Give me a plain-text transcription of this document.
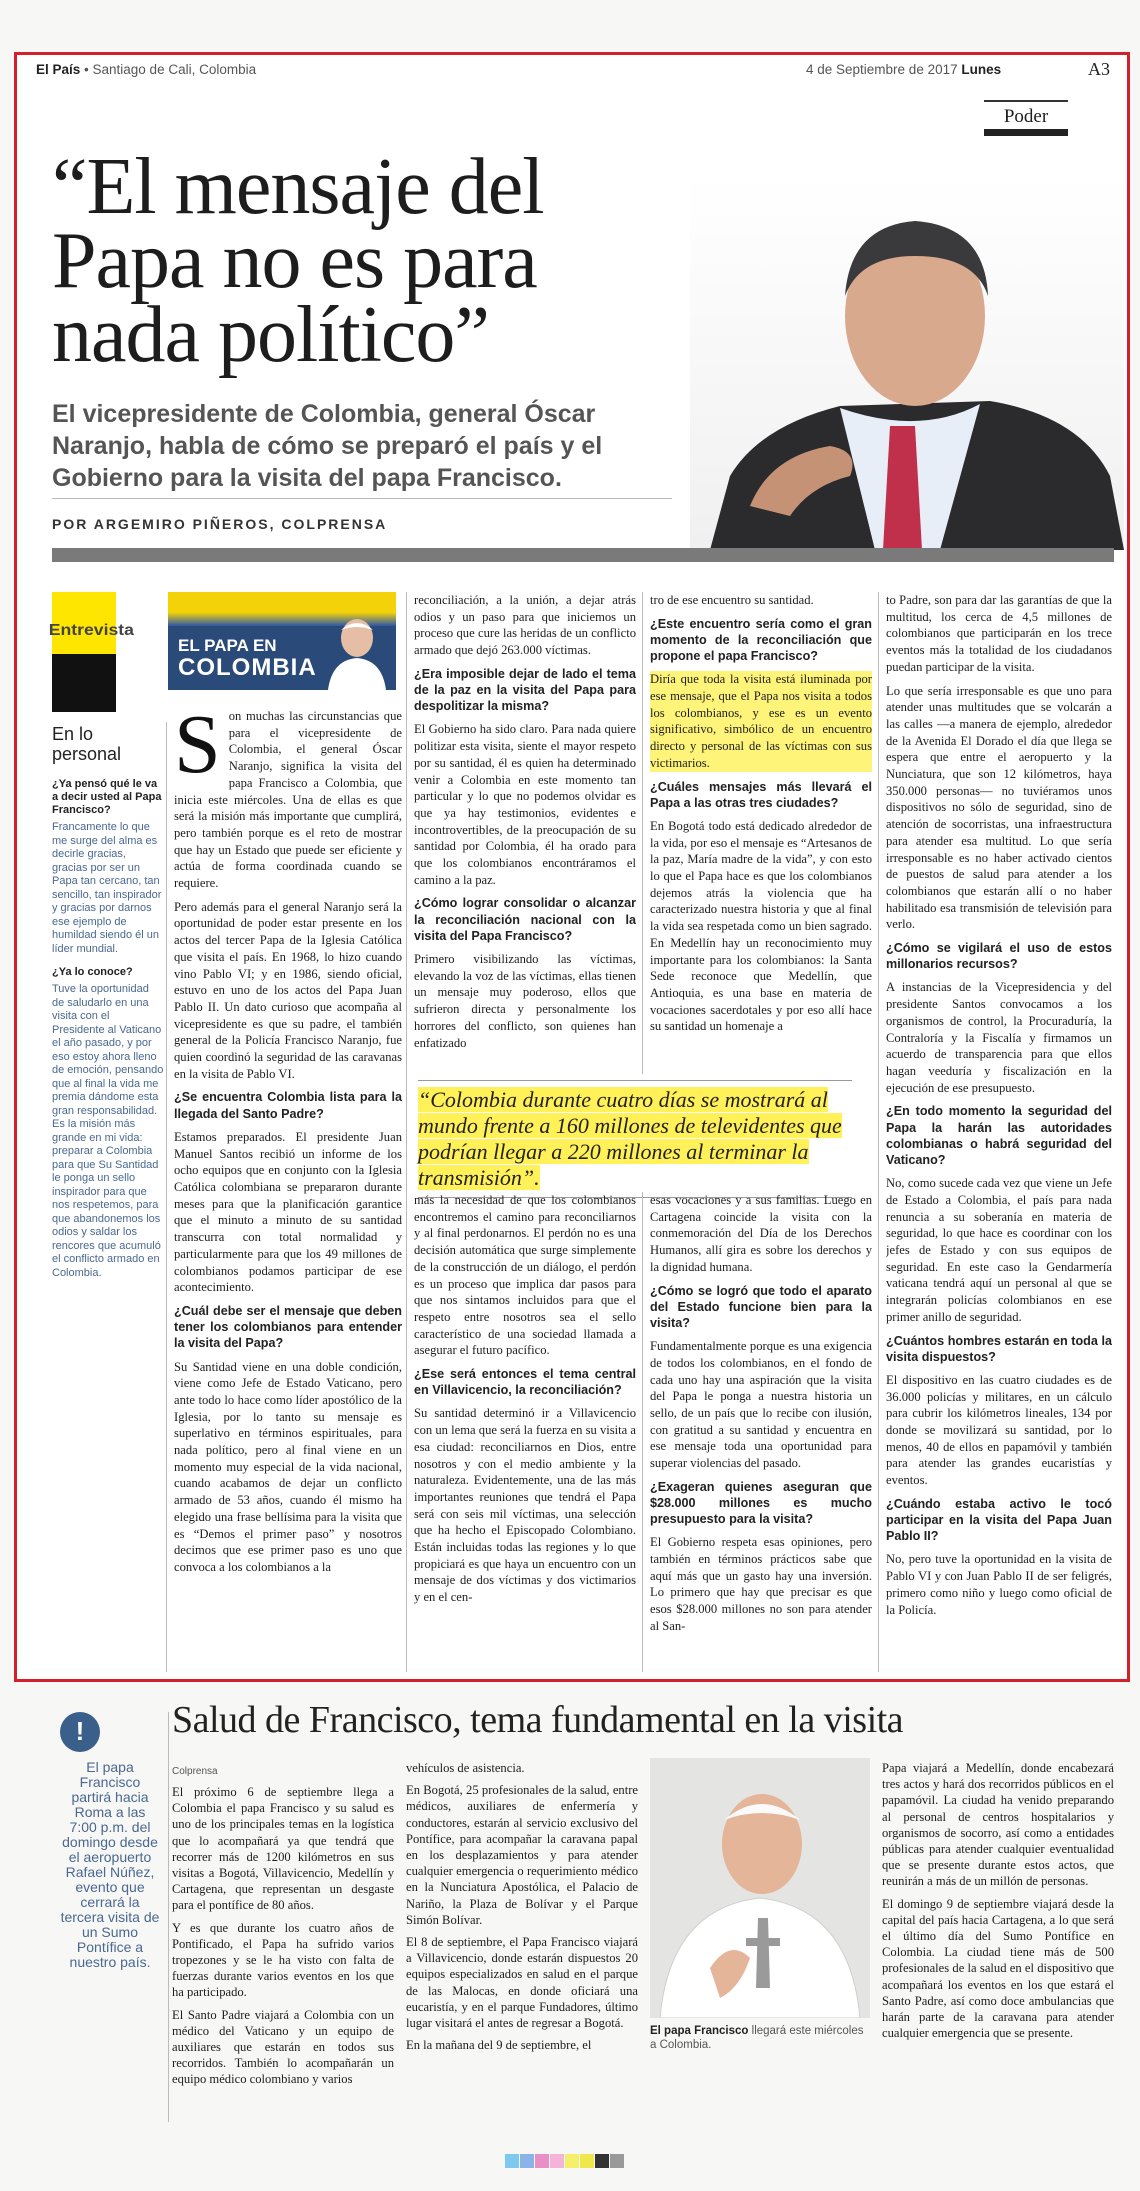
El País • Santiago de Cali, Colombia	4 de Septiembre de 2017 Lunes	A3
Poder
“El mensaje del Papa no es para nada político”
El vicepresidente de Colombia, general Óscar Naranjo, habla de cómo se preparó el país y el Gobierno para la visita del papa Francisco.
POR ARGEMIRO PIÑEROS, COLPRENSA
Entrevista
EL PAPA EN
COLOMBIA
En lo personal
¿Ya pensó qué le va a decir usted al Papa Francisco?
Francamente lo que me surge del alma es decirle gracias, gracias por ser un Papa tan cercano, tan sencillo, tan inspirador y gracias por darnos ese ejemplo de humildad siendo él un líder mundial.
¿Ya lo conoce?
Tuve la oportunidad de saludarlo en una visita con el Presidente al Vaticano el año pasado, y por eso estoy ahora lleno de emoción, pensando que al final la vida me premia dándome esta gran responsabilidad. Es la misión más grande en mi vida: preparar a Colombia para que Su Santidad le ponga un sello inspirador para que nos respetemos, para que abandonemos los odios y saldar los rencores que acumuló el conflicto armado en Colombia.

Son muchas las circunstancias que para el vicepresidente de Colombia, el general Óscar Naranjo, significa la visita del papa Francisco a Colombia, que inicia este miércoles. Una de ellas es que será la misión más importante que cumplirá, pero también porque es el reto de mostrar que hay un Estado que puede ser eficiente y actúa de forma coordinada cuando se requiere.

Pero además para el general Naranjo será la oportunidad de poder estar presente en los actos del tercer Papa de la Iglesia Católica que visita el país. En 1968, lo hizo cuando vino Pablo VI; y en 1986, siendo oficial, estuvo en uno de los actos del Papa Juan Pablo II. Un dato curioso que acompaña al vicepresidente es que su padre, el también general de la Policía Francisco Naranjo, fue quien coordinó la seguridad de las caravanas en la visita de Pablo VI.

¿Se encuentra Colombia lista para la llegada del Santo Padre?

Estamos preparados. El presidente Juan Manuel Santos recibió un informe de los ocho equipos que en conjunto con la Iglesia Católica colombiana se prepararon durante meses para que la planificación garantice que el minuto a minuto de su santidad transcurra con total normalidad y particularmente para que los 49 millones de colombianos podamos participar de ese acontecimiento.

¿Cuál debe ser el mensaje que deben tener los colombianos para entender la visita del Papa?

Su Santidad viene en una doble condición, viene como Jefe de Estado Vaticano, pero ante todo lo hace como líder apostólico de la Iglesia, por lo tanto su mensaje es superlativo en términos espirituales, para nada político, pero al final viene en un momento muy especial de la vida nacional, cuando acabamos de dejar un conflicto armado de 53 años, cuando él mismo ha elegido una frase bellísima para la visita que es “Demos el primer paso” y nosotros decimos que ese primer paso es uno que convoca a los colombianos a la

reconciliación, a la unión, a dejar atrás odios y un paso para que iniciemos un proceso que cure las heridas de un conflicto armado que dejó 263.000 víctimas.

¿Era imposible dejar de lado el tema de la paz en la visita del Papa para despolitizar la misma?

El Gobierno ha sido claro. Para nada quiere politizar esta visita, siente el mayor respeto por su santidad, él es quien ha determinado venir a Colombia en este momento tan particular y lo que no podemos olvidar es que ya hay testimonios, evidentes e incontrovertibles, de la preocupación de su santidad por Colombia, él ha orado para que los colombianos encontráramos el camino a la paz.

¿Cómo lograr consolidar o alcanzar la reconciliación nacional con la visita del Papa Francisco?

Primero visibilizando las víctimas, elevando la voz de las víctimas, ellas tienen un mensaje muy poderoso, ellos que sufrieron directa y personalmente los horrores del conflicto, son quienes han enfatizado

tro de ese encuentro su santidad.

¿Este encuentro sería como el gran momento de la reconciliación que propone el papa Francisco?

Diría que toda la visita está iluminada por ese mensaje, que el Papa nos visita a todos los colombianos, y ese es un evento significativo, simbólico de un encuentro directo y personal de las víctimas con sus victimarios.

¿Cuáles mensajes más llevará el Papa a las otras tres ciudades?

En Bogotá todo está dedicado alrededor de la vida, por eso el mensaje es “Artesanos de la paz, María madre de la vida”, y con esto lo que el Papa hace es que los colombianos dejemos atrás la violencia que ha caracterizado nuestra historia y que al final la vida sea respetada como un bien sagrado. En Medellín hay un reconocimiento muy importante para los colombianos: la Santa Sede reconoce que Medellín, que Antioquia, es una base en materia de vocaciones sacerdotales y por eso allí hace su santidad un homenaje a

“Colombia durante cuatro días se mostrará al mundo frente a 160 millones de televidentes que podrían llegar a 220 millones al terminar la transmisión”.

más la necesidad de que los colombianos encontremos el camino para reconciliarnos y al final perdonarnos. El perdón no es una decisión automática que surge simplemente de la construcción de un diálogo, el perdón es un proceso que implica dar pasos para que nos sintamos incluidos para que el respeto entre nosotros sea el sello característico de una sociedad llamada a asegurar el futuro pacífico.

¿Ese será entonces el tema central en Villavicencio, la reconciliación?

Su santidad determinó ir a Villavicencio con un lema que será la fuerza en su visita a esa ciudad: reconciliarnos en Dios, entre nosotros y con el medio ambiente y la naturaleza. Evidentemente, una de las más importantes reuniones que tendrá el Papa será con seis mil víctimas, una selección que ha hecho el Episcopado Colombiano. Están incluidas todas las regiones y lo que propiciará es que haya un encuentro con un mensaje de dos víctimas y dos victimarios y en el cen-

esas vocaciones y a sus familias. Luego en Cartagena coincide la visita con la conmemoración del Día de los Derechos Humanos, allí gira es sobre los derechos y la dignidad humana.

¿Cómo se logró que todo el aparato del Estado funcione bien para la visita?

Fundamentalmente porque es una exigencia de todos los colombianos, en el fondo de cada uno hay una aspiración que la visita del Papa le ponga a nuestra historia un sello, de un país que lo recibe con ilusión, con gratitud a su santidad y encuentra en ese mensaje toda una oportunidad para superar violencias del pasado.

¿Exageran quienes aseguran que $28.000 millones es mucho presupuesto para la visita?

El Gobierno respeta esas opiniones, pero también en términos prácticos sabe que aquí más que un gasto hay una inversión. Lo primero que hay que precisar es que esos $28.000 millones no son para atender al San-

to Padre, son para dar las garantías de que la multitud, los cerca de 4,5 millones de colombianos que participarán en los trece eventos más la totalidad de los ciudadanos puedan participar de la visita.

Lo que sería irresponsable es que uno para atender unas multitudes que se volcarán a las calles —a manera de ejemplo, alrededor de la Avenida El Dorado el día que llega se espera que entre el aeropuerto y la Nunciatura, que son 12 kilómetros, haya 350.000 personas— no tuviéramos unos dispositivos no sólo de seguridad, sino de atención de socorristas, una infraestructura para atender esa multitud. Lo que sería irresponsable es no haber activado cientos de puestos de salud para atender a los colombianos que estarán allí o no haber habilitado esa transmisión de televisión para verlo.

¿Cómo se vigilará el uso de estos millonarios recursos?

A instancias de la Vicepresidencia y del presidente Santos convocamos a los organismos de control, la Procuraduría, la Contraloría y la Fiscalía y firmamos un acuerdo de transparencia para que ellos hagan veeduría y fiscalización en la ejecución de ese presupuesto.

¿En todo momento la seguridad del Papa la harán las autoridades colombianas o habrá seguridad del Vaticano?

No, como sucede cada vez que viene un Jefe de Estado a Colombia, el país para nada renuncia a su soberanía en materia de seguridad, lo que hace es coordinar con los jefes de Estado y con sus equipos de seguridad. En este caso la Gendarmería vaticana tendrá aquí un personal al que se integrarán policías colombianos en ese primer anillo de seguridad.

¿Cuántos hombres estarán en toda la visita dispuestos?

El dispositivo en las cuatro ciudades es de 36.000 policías y militares, en un cálculo para cubrir los kilómetros lineales, 134 por donde se movilizará su santidad, por lo menos, 40 de ellos en papamóvil y también para atender las grandes eucaristías y eventos.

¿Cuándo estaba activo le tocó participar en la visita del Papa Juan Pablo II?

No, pero tuve la oportunidad en la visita de Pablo VI y con Juan Pablo II de ser feligrés, primero como niño y luego como oficial de la Policía.

!
El papa Francisco partirá hacia Roma a las 7:00 p.m. del domingo desde el aeropuerto Rafael Núñez, evento que cerrará la tercera visita de un Sumo Pontífice a nuestro país.
Salud de Francisco, tema fundamental en la visita
Colprensa

El próximo 6 de septiembre llega a Colombia el papa Francisco y su salud es uno de los principales temas en la logística que lo acompañará ya que tendrá que recorrer más de 1200 kilómetros en sus visitas a Bogotá, Villavicencio, Medellín y Cartagena, que representan un desgaste para el pontífice de 80 años.

Y es que durante los cuatro años de Pontificado, el Papa ha sufrido varios tropezones y se le ha visto con falta de fuerzas durante varios eventos en los que ha participado.

El Santo Padre viajará a Colombia con un médico del Vaticano y un equipo de auxiliares que estarán en todos sus recorridos. También lo acompañarán un equipo médico colombiano y varios

vehículos de asistencia.

En Bogotá, 25 profesionales de la salud, entre médicos, auxiliares de enfermería y conductores, estarán al servicio exclusivo del Pontífice, para acompañar la caravana papal en los desplazamientos y para atender cualquier emergencia o requerimiento médico en la Nunciatura Apostólica, el Palacio de Nariño, la Plaza de Bolívar y el Parque Simón Bolívar.

El 8 de septiembre, el Papa Francisco viajará a Villavicencio, donde estarán dispuestos 20 equipos especializados en salud en el parque de las Malocas, en donde oficiará una eucaristía, y en el parque Fundadores, último lugar visitará el antes de regresar a Bogotá.

En la mañana del 9 de septiembre, el

El papa Francisco llegará este miércoles a Colombia.

Papa viajará a Medellín, donde encabezará tres actos y hará dos recorridos públicos en el papamóvil. La ciudad ha venido preparando al personal de centros hospitalarios y organismos de socorro, así como a entidades públicas para atender cualquier eventualidad que se presente durante estos actos, que reunirán a más de un millón de personas.

El domingo 9 de septiembre viajará desde la capital del país hacia Cartagena, a lo que será el último día del Sumo Pontífice en Colombia. La ciudad tiene más de 500 profesionales de la salud en el dispositivo que acompañará los eventos en los que estará el Santo Padre, así como doce ambulancias que harán parte de la caravana para atender cualquier emergencia que se presente.
